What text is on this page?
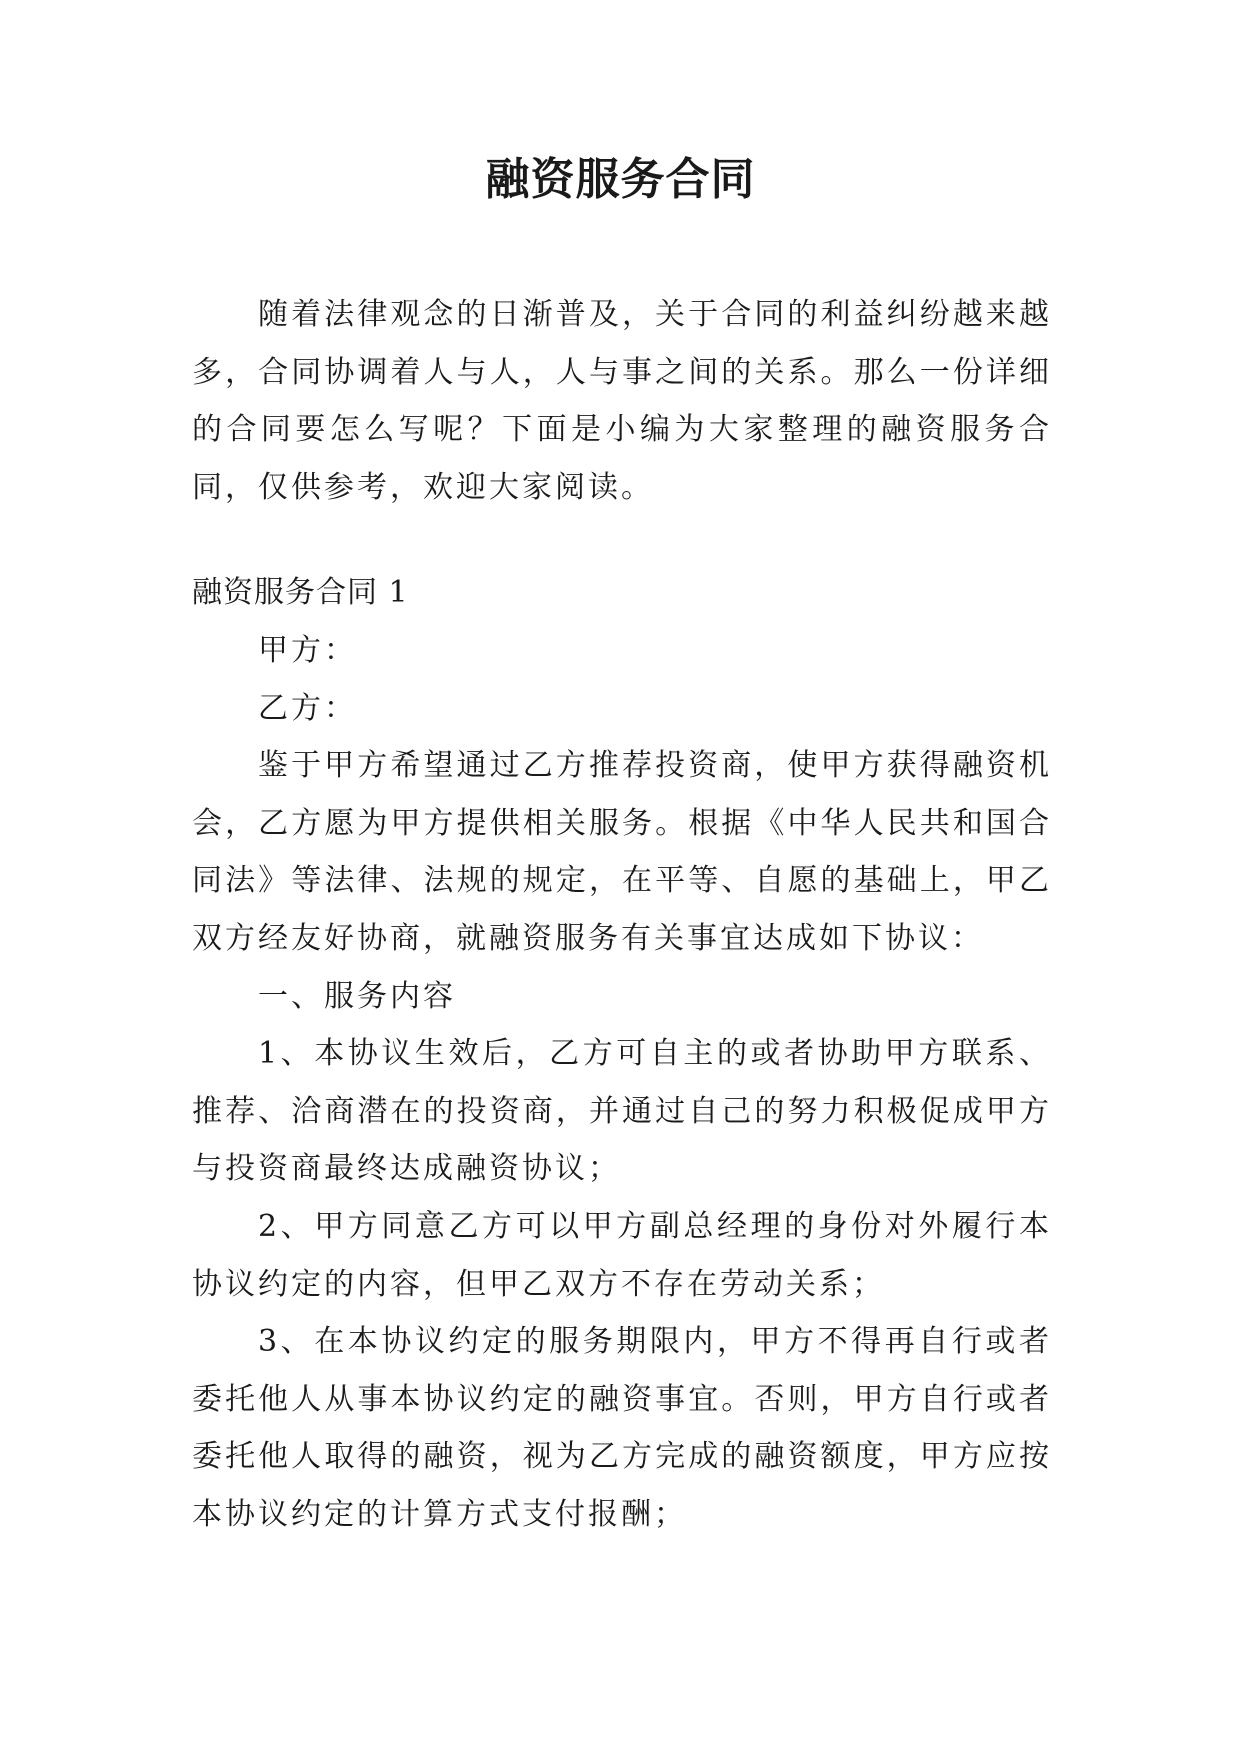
融资服务合同

随着法律观念的日渐普及，关于合同的利益纠纷越来越多，合同协调着人与人，人与事之间的关系。那么一份详细的合同要怎么写呢？下面是小编为大家整理的融资服务合同，仅供参考，欢迎大家阅读。

融资服务合同 1

甲方：

乙方：

鉴于甲方希望通过乙方推荐投资商，使甲方获得融资机会，乙方愿为甲方提供相关服务。根据《中华人民共和国合同法》等法律、法规的规定，在平等、自愿的基础上，甲乙双方经友好协商，就融资服务有关事宜达成如下协议：

一、服务内容

1、本协议生效后，乙方可自主的或者协助甲方联系、推荐、洽商潜在的投资商，并通过自己的努力积极促成甲方与投资商最终达成融资协议；

2、甲方同意乙方可以甲方副总经理的身份对外履行本协议约定的内容，但甲乙双方不存在劳动关系；

3、在本协议约定的服务期限内，甲方不得再自行或者委托他人从事本协议约定的融资事宜。否则，甲方自行或者委托他人取得的融资，视为乙方完成的融资额度，甲方应按本协议约定的计算方式支付报酬；
